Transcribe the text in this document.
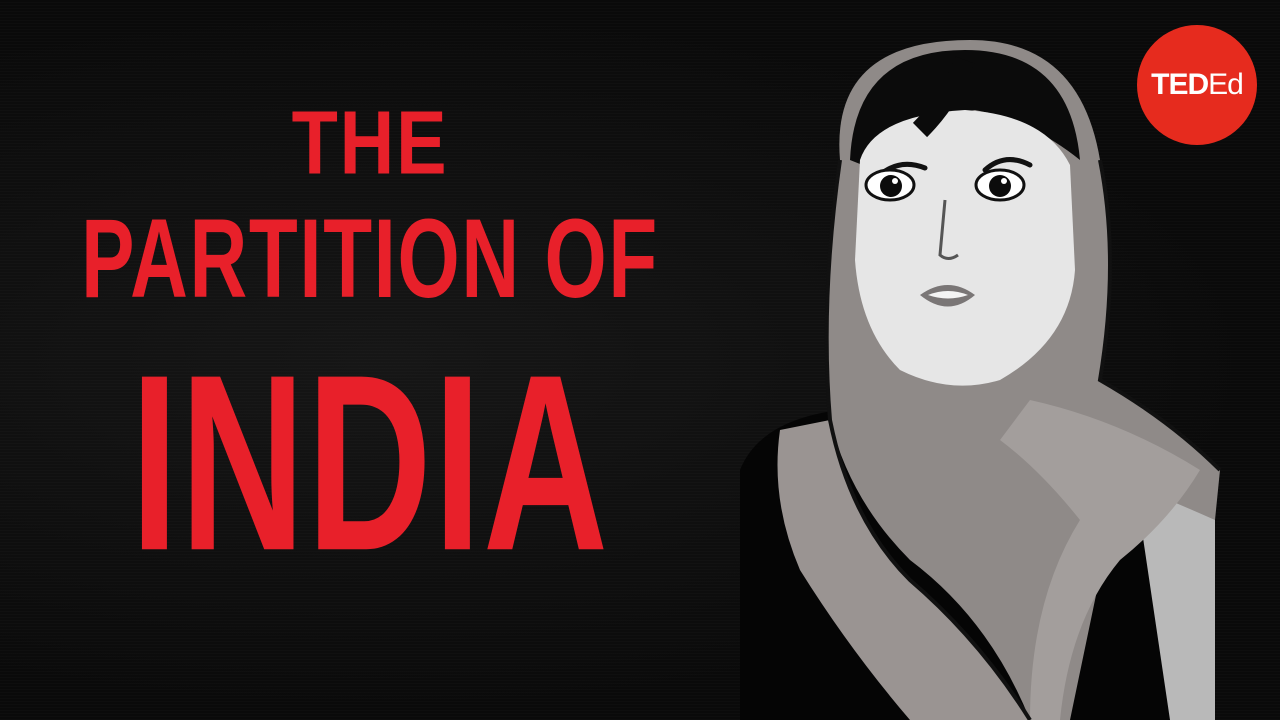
THE
PARTITION OF
INDIA
TED Ed
